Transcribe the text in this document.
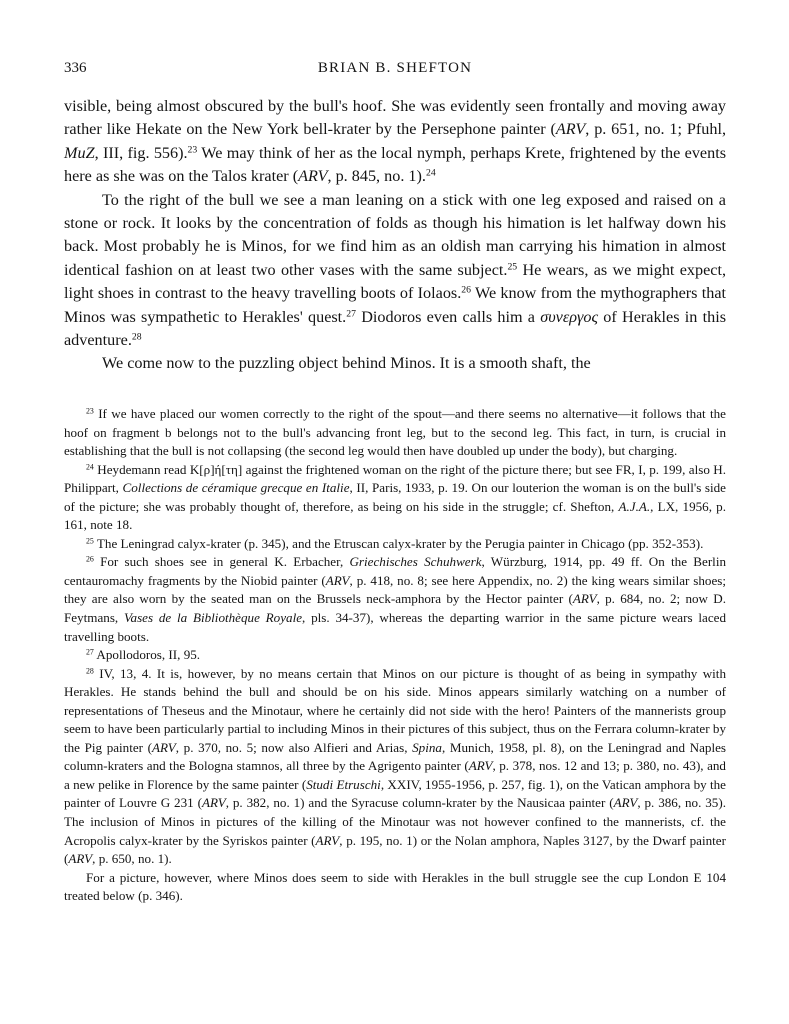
336	BRIAN B. SHEFTON

visible, being almost obscured by the bull's hoof. She was evidently seen frontally and moving away rather like Hekate on the New York bell-krater by the Persephone painter (ARV, p. 651, no. 1; Pfuhl, MuZ, III, fig. 556).$^{23}$ We may think of her as the local nymph, perhaps Krete, frightened by the events here as she was on the Talos krater (ARV, p. 845, no. 1).$^{24}$

To the right of the bull we see a man leaning on a stick with one leg exposed and raised on a stone or rock. It looks by the concentration of folds as though his himation is let halfway down his back. Most probably he is Minos, for we find him as an oldish man carrying his himation in almost identical fashion on at least two other vases with the same subject.$^{25}$ He wears, as we might expect, light shoes in contrast to the heavy travelling boots of Iolaos.$^{26}$ We know from the mythographers that Minos was sympathetic to Herakles' quest.$^{27}$ Diodoros even calls him a συνεργος of Herakles in this adventure.$^{28}$

We come now to the puzzling object behind Minos. It is a smooth shaft, the

$^{23}$ If we have placed our women correctly to the right of the spout—and there seems no alternative—it follows that the hoof on fragment b belongs not to the bull's advancing front leg, but to the second leg. This fact, in turn, is crucial in establishing that the bull is not collapsing (the second leg would then have doubled up under the body), but charging.

$^{24}$ Heydemann read Κ[ρ]ή[τη] against the frightened woman on the right of the picture there; but see FR, I, p. 199, also H. Philippart, Collections de céramique grecque en Italie, II, Paris, 1933, p. 19. On our louterion the woman is on the bull's side of the picture; she was probably thought of, therefore, as being on his side in the struggle; cf. Shefton, A.J.A., LX, 1956, p. 161, note 18.

$^{25}$ The Leningrad calyx-krater (p. 345), and the Etruscan calyx-krater by the Perugia painter in Chicago (pp. 352-353).

$^{26}$ For such shoes see in general K. Erbacher, Griechisches Schuhwerk, Würzburg, 1914, pp. 49 ff. On the Berlin centauromachy fragments by the Niobid painter (ARV, p. 418, no. 8; see here Appendix, no. 2) the king wears similar shoes; they are also worn by the seated man on the Brussels neck-amphora by the Hector painter (ARV, p. 684, no. 2; now D. Feytmans, Vases de la Bibliothèque Royale, pls. 34-37), whereas the departing warrior in the same picture wears laced travelling boots.

$^{27}$ Apollodoros, II, 95.

$^{28}$ IV, 13, 4. It is, however, by no means certain that Minos on our picture is thought of as being in sympathy with Herakles. He stands behind the bull and should be on his side. Minos appears similarly watching on a number of representations of Theseus and the Minotaur, where he certainly did not side with the hero! Painters of the mannerists group seem to have been particularly partial to including Minos in their pictures of this subject, thus on the Ferrara column-krater by the Pig painter (ARV, p. 370, no. 5; now also Alfieri and Arias, Spina, Munich, 1958, pl. 8), on the Leningrad and Naples column-kraters and the Bologna stamnos, all three by the Agrigento painter (ARV, p. 378, nos. 12 and 13; p. 380, no. 43), and a new pelike in Florence by the same painter (Studi Etruschi, XXIV, 1955-1956, p. 257, fig. 1), on the Vatican amphora by the painter of Louvre G 231 (ARV, p. 382, no. 1) and the Syracuse column-krater by the Nausicaa painter (ARV, p. 386, no. 35). The inclusion of Minos in pictures of the killing of the Minotaur was not however confined to the mannerists, cf. the Acropolis calyx-krater by the Syriskos painter (ARV, p. 195, no. 1) or the Nolan amphora, Naples 3127, by the Dwarf painter (ARV, p. 650, no. 1).

For a picture, however, where Minos does seem to side with Herakles in the bull struggle see the cup London E 104 treated below (p. 346).
